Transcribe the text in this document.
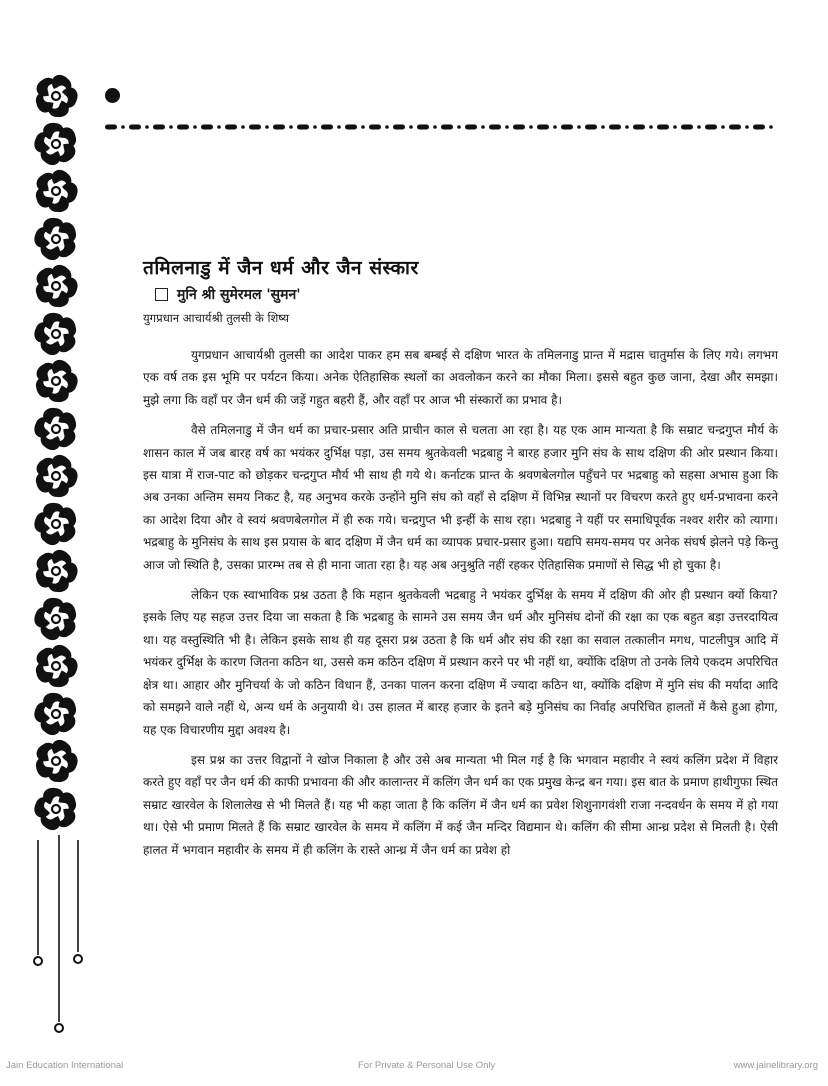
तमिलनाडु में जैन धर्म और जैन संस्कार
मुनि श्री सुमेरमल 'सुमन'
युगप्रधान आचार्यश्री तुलसी के शिष्य

युगप्रधान आचार्यश्री तुलसी का आदेश पाकर हम सब बम्बई से दक्षिण भारत के तमिलनाडु प्रान्त में मद्रास चातुर्मास के लिए गये। लगभग एक वर्ष तक इस भूमि पर पर्यटन किया। अनेक ऐतिहासिक स्थलों का अवलोकन करने का मौका मिला। इससे बहुत कुछ जाना, देखा और समझा। मुझे लगा कि वहाँ पर जैन धर्म की जड़ें गहुत बहरी हैं, और वहाँ पर आज भी संस्कारों का प्रभाव है।

वैसे तमिलनाडु में जैन धर्म का प्रचार-प्रसार अति प्राचीन काल से चलता आ रहा है। यह एक आम मान्यता है कि सम्राट चन्द्रगुप्त मौर्य के शासन काल में जब बारह वर्ष का भयंकर दुर्भिक्ष पड़ा, उस समय श्रुतकेवली भद्रबाहु ने बारह हजार मुनि संघ के साथ दक्षिण की ओर प्रस्थान किया। इस यात्रा में राज-पाट को छोड़कर चन्द्रगुप्त मौर्य भी साथ ही गये थे। कर्नाटक प्रान्त के श्रवणबेलगोल पहुँचने पर भद्रबाहु को सहसा अभास हुआ कि अब उनका अन्तिम समय निकट है, यह अनुभव करके उन्होंने मुनि संघ को वहाँ से दक्षिण में विभिन्न स्थानों पर विचरण करते हुए धर्म-प्रभावना करने का आदेश दिया और वे स्वयं श्रवणबेलगोल में ही रुक गये। चन्द्रगुप्त भी इन्हीं के साथ रहा। भद्रबाहु ने यहीं पर समाधिपूर्वक नश्वर शरीर को त्यागा। भद्रबाहु के मुनिसंघ के साथ इस प्रयास के बाद दक्षिण में जैन धर्म का व्यापक प्रचार-प्रसार हुआ। यद्यपि समय-समय पर अनेक संघर्ष झेलने पड़े किन्तु आज जो स्थिति है, उसका प्रारम्भ तब से ही माना जाता रहा है। यह अब अनुश्रुति नहीं रहकर ऐतिहासिक प्रमाणों से सिद्ध भी हो चुका है।

लेकिन एक स्वाभाविक प्रश्न उठता है कि महान श्रुतकेवली भद्रबाहु ने भयंकर दुर्भिक्ष के समय में दक्षिण की ओर ही प्रस्थान क्यों किया? इसके लिए यह सहज उत्तर दिया जा सकता है कि भद्रबाहु के सामने उस समय जैन धर्म और मुनिसंघ दोनों की रक्षा का एक बहुत बड़ा उत्तरदायित्व था। यह वस्तुस्थिति भी है। लेकिन इसके साथ ही यह दूसरा प्रश्न उठता है कि धर्म और संघ की रक्षा का सवाल तत्कालीन मगध, पाटलीपुत्र आदि में भयंकर दुर्भिक्ष के कारण जितना कठिन था, उससे कम कठिन दक्षिण में प्रस्थान करने पर भी नहीं था, क्योंकि दक्षिण तो उनके लिये एकदम अपरिचित क्षेत्र था। आहार और मुनिचर्या के जो कठिन विधान हैं, उनका पालन करना दक्षिण में ज्यादा कठिन था, क्योंकि दक्षिण में मुनि संघ की मर्यादा आदि को समझने वाले नहीं थे, अन्य धर्म के अनुयायी थे। उस हालत में बारह हजार के इतने बड़े मुनिसंघ का निर्वाह अपरिचित हालतों में कैसे हुआ होगा, यह एक विचारणीय मुद्दा अवश्य है।

इस प्रश्न का उत्तर विद्वानों ने खोज निकाला है और उसे अब मान्यता भी मिल गई है कि भगवान महावीर ने स्वयं कलिंग प्रदेश में विहार करते हुए वहाँ पर जैन धर्म की काफी प्रभावना की और कालान्तर में कलिंग जैन धर्म का एक प्रमुख केन्द्र बन गया। इस बात के प्रमाण हाथीगुफा स्थित सम्राट खारवेल के शिलालेख से भी मिलते हैं। यह भी कहा जाता है कि कलिंग में जैन धर्म का प्रवेश शिशुनागवंशी राजा नन्दवर्धन के समय में हो गया था। ऐसे भी प्रमाण मिलते हैं कि सम्राट खारवेल के समय में कलिंग में कई जैन मन्दिर विद्यमान थे। कलिंग की सीमा आन्ध्र प्रदेश से मिलती है। ऐसी हालत में भगवान महावीर के समय में ही कलिंग के रास्ते आन्ध्र में जैन धर्म का प्रवेश हो

Jain Education International	For Private & Personal Use Only	www.jainelibrary.org
